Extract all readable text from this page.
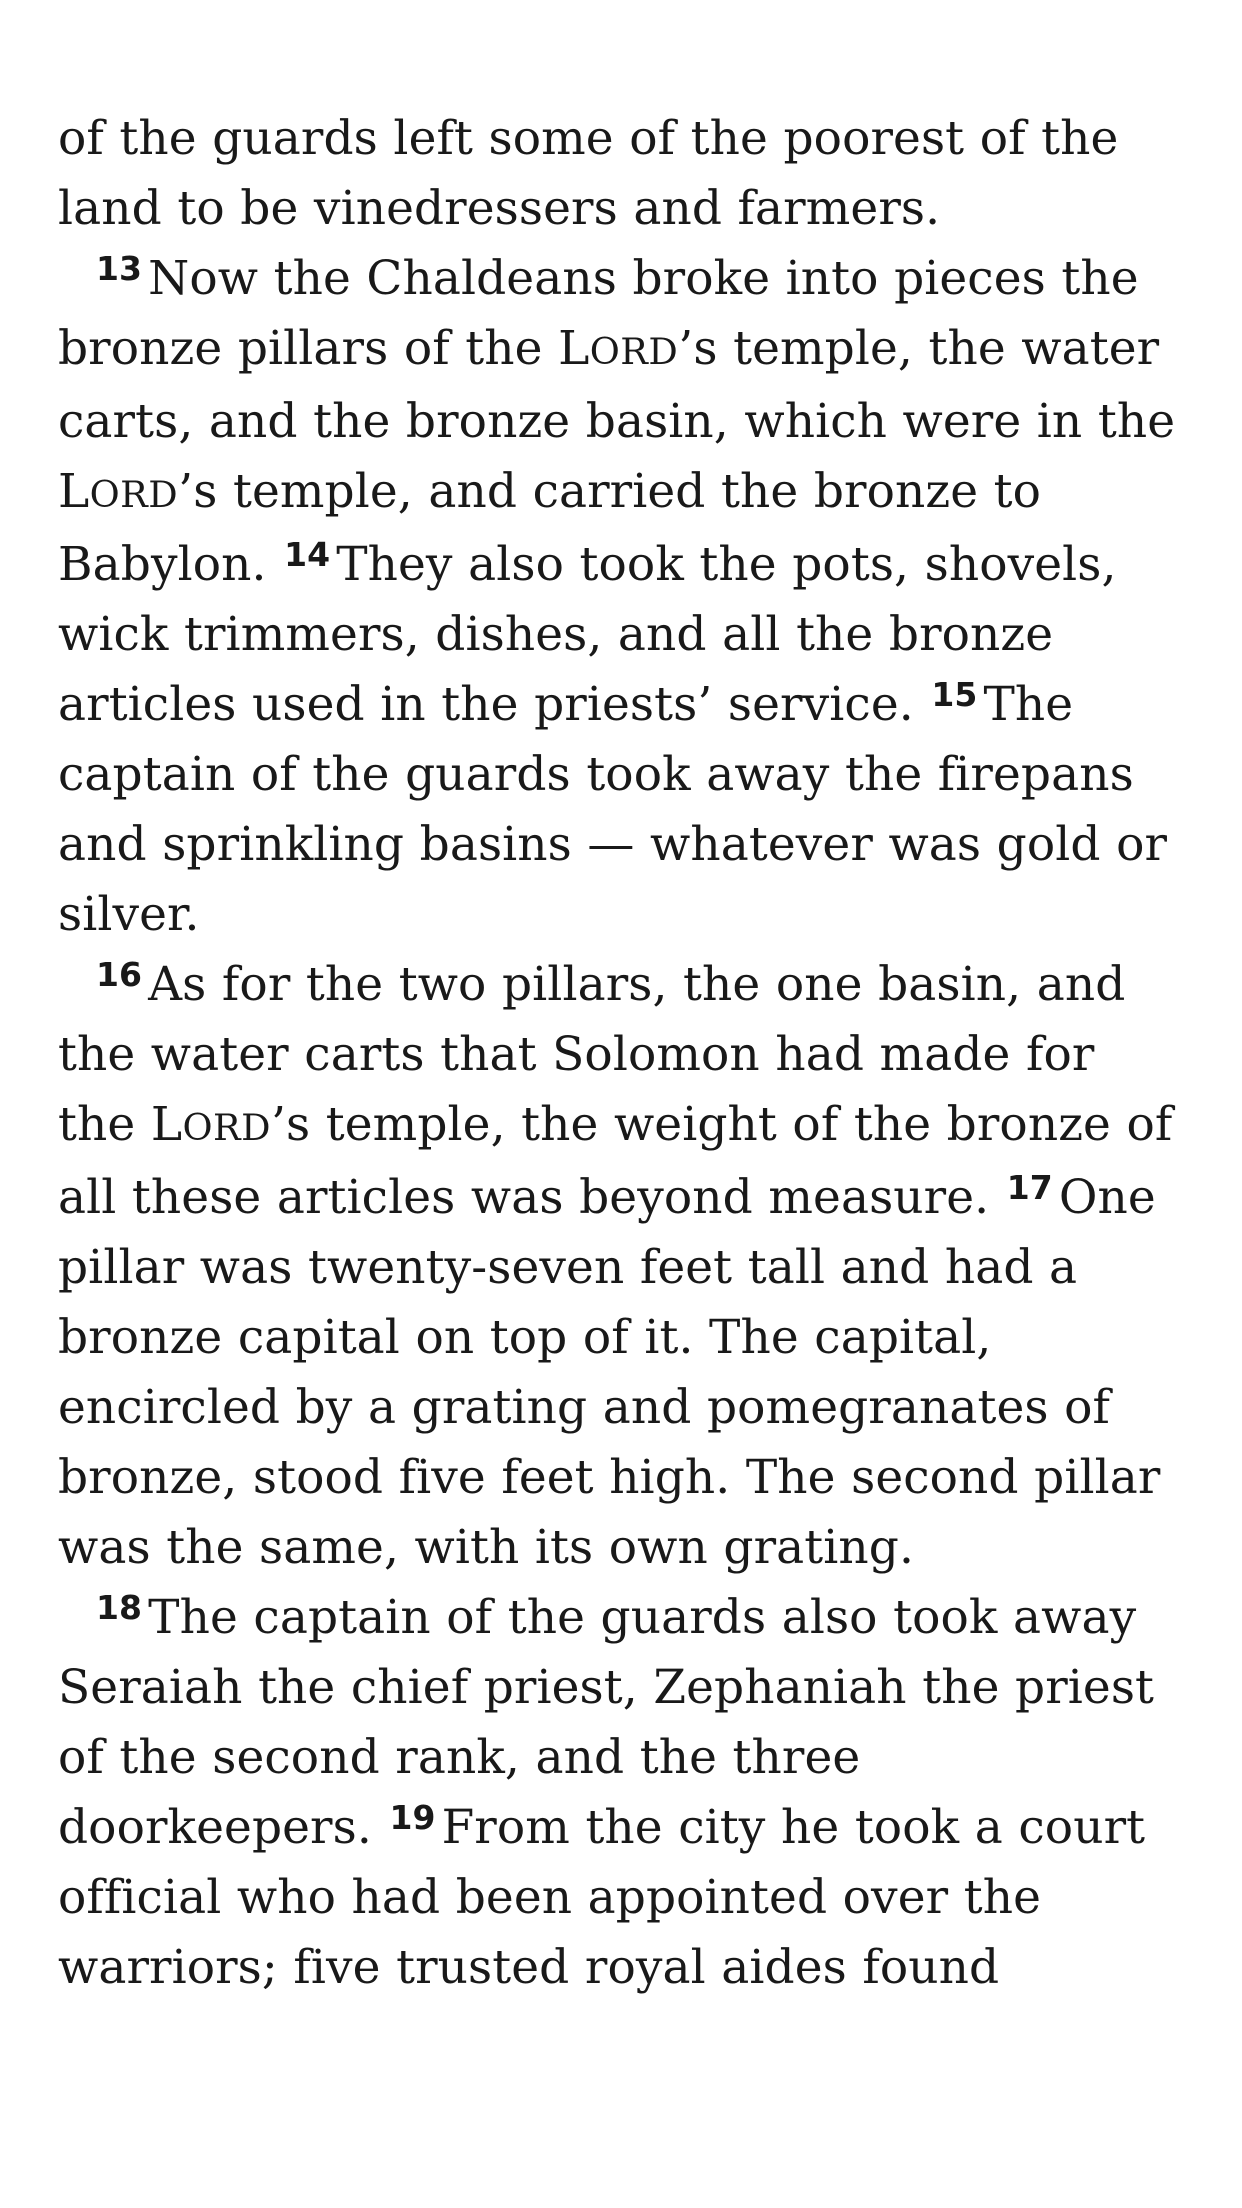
of the guards left some of the poorest of the land to be vinedressers and farmers.

$^{13}$ Now the Chaldeans broke into pieces the bronze pillars of the LORD’s temple, the water carts, and the bronze basin, which were in the LORD’s temple, and carried the bronze to Babylon. $^{14}$ They also took the pots, shovels, wick trimmers, dishes, and all the bronze articles used in the priests’ service. $^{15}$ The captain of the guards took away the firepans and sprinkling basins — whatever was gold or silver.

$^{16}$ As for the two pillars, the one basin, and the water carts that Solomon had made for the LORD’s temple, the weight of the bronze of all these articles was beyond measure. $^{17}$ One pillar was twenty-seven feet tall and had a bronze capital on top of it. The capital, encircled by a grating and pomegranates of bronze, stood five feet high. The second pillar was the same, with its own grating.

$^{18}$ The captain of the guards also took away Seraiah the chief priest, Zephaniah the priest of the second rank, and the three doorkeepers. $^{19}$ From the city he took a court official who had been appointed over the warriors; five trusted royal aides found
